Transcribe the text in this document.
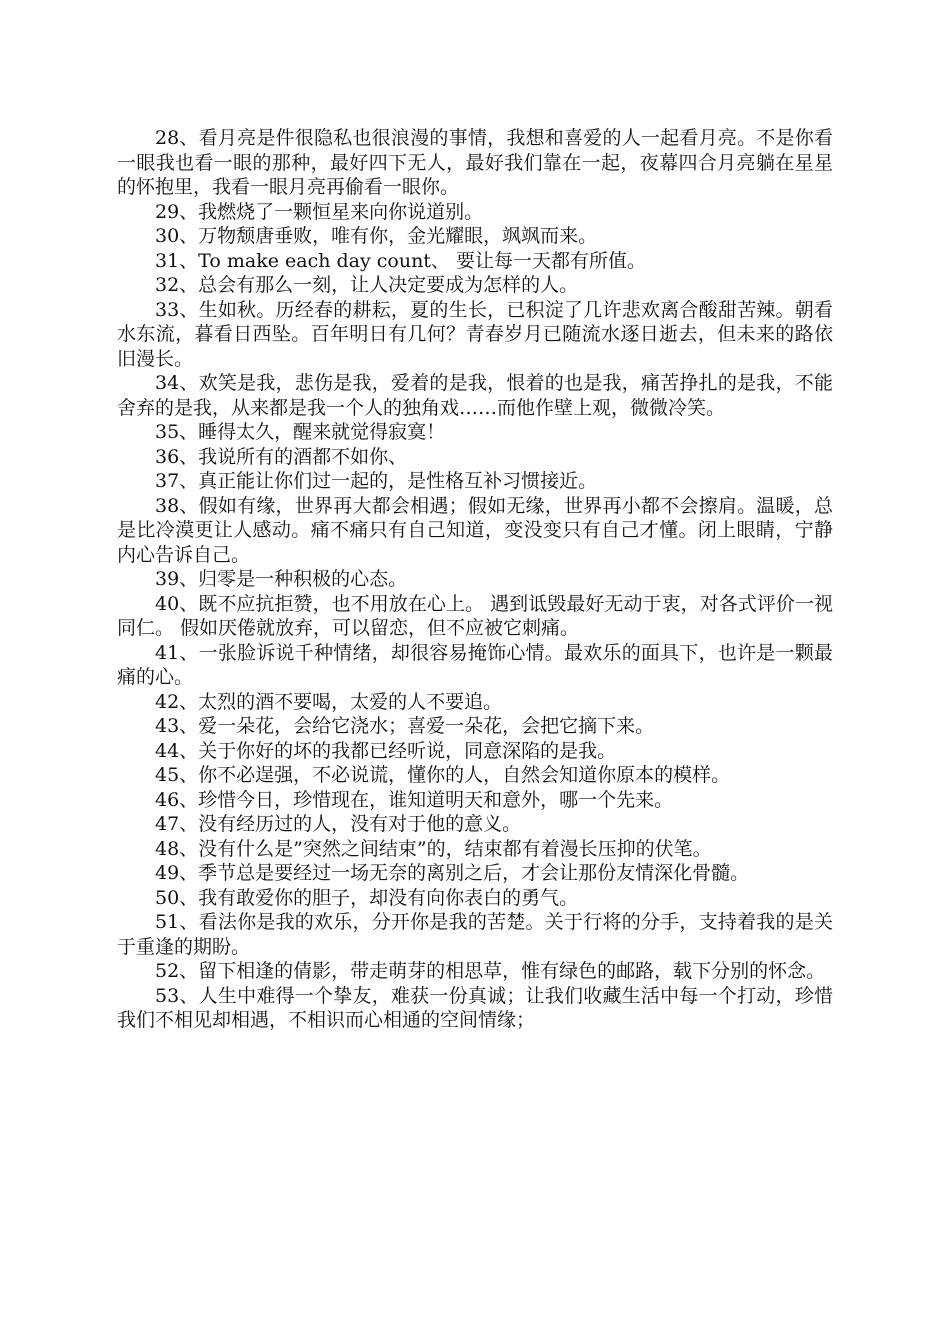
28、看月亮是件很隐私也很浪漫的事情，我想和喜爱的人一起看月亮。不是你看一眼我也看一眼的那种，最好四下无人，最好我们靠在一起，夜幕四合月亮躺在星星的怀抱里，我看一眼月亮再偷看一眼你。

29、我燃烧了一颗恒星来向你说道别。

30、万物颓唐垂败，唯有你，金光耀眼，飒飒而来。

31、To make each day count、 要让每一天都有所值。

32、总会有那么一刻，让人决定要成为怎样的人。

33、生如秋。历经春的耕耘，夏的生长，已积淀了几许悲欢离合酸甜苦辣。朝看水东流，暮看日西坠。百年明日有几何？青春岁月已随流水逐日逝去，但未来的路依旧漫长。

34、欢笑是我，悲伤是我，爱着的是我，恨着的也是我，痛苦挣扎的是我，不能舍弃的是我，从来都是我一个人的独角戏……而他作壁上观，微微冷笑。

35、睡得太久，醒来就觉得寂寞！

36、我说所有的酒都不如你、

37、真正能让你们过一起的，是性格互补习惯接近。

38、假如有缘，世界再大都会相遇；假如无缘，世界再小都不会擦肩。温暖，总是比冷漠更让人感动。痛不痛只有自己知道，变没变只有自己才懂。闭上眼睛，宁静内心告诉自己。

39、归零是一种积极的心态。

40、既不应抗拒赞，也不用放在心上。 遇到诋毁最好无动于衷，对各式评价一视同仁。 假如厌倦就放弃，可以留恋，但不应被它刺痛。

41、一张脸诉说千种情绪，却很容易掩饰心情。最欢乐的面具下，也许是一颗最痛的心。

42、太烈的酒不要喝，太爱的人不要追。

43、爱一朵花，会给它浇水；喜爱一朵花，会把它摘下来。

44、关于你好的坏的我都已经听说，同意深陷的是我。

45、你不必逞强，不必说谎，懂你的人，自然会知道你原本的模样。

46、珍惜今日，珍惜现在，谁知道明天和意外，哪一个先来。

47、没有经历过的人，没有对于他的意义。

48、没有什么是”突然之间结束”的，结束都有着漫长压抑的伏笔。

49、季节总是要经过一场无奈的离别之后，才会让那份友情深化骨髓。

50、我有敢爱你的胆子，却没有向你表白的勇气。

51、看法你是我的欢乐，分开你是我的苦楚。关于行将的分手，支持着我的是关于重逢的期盼。

52、留下相逢的倩影，带走萌芽的相思草，惟有绿色的邮路，载下分别的怀念。

53、人生中难得一个挚友，难获一份真诚；让我们收藏生活中每一个打动，珍惜我们不相见却相遇，不相识而心相通的空间情缘；
